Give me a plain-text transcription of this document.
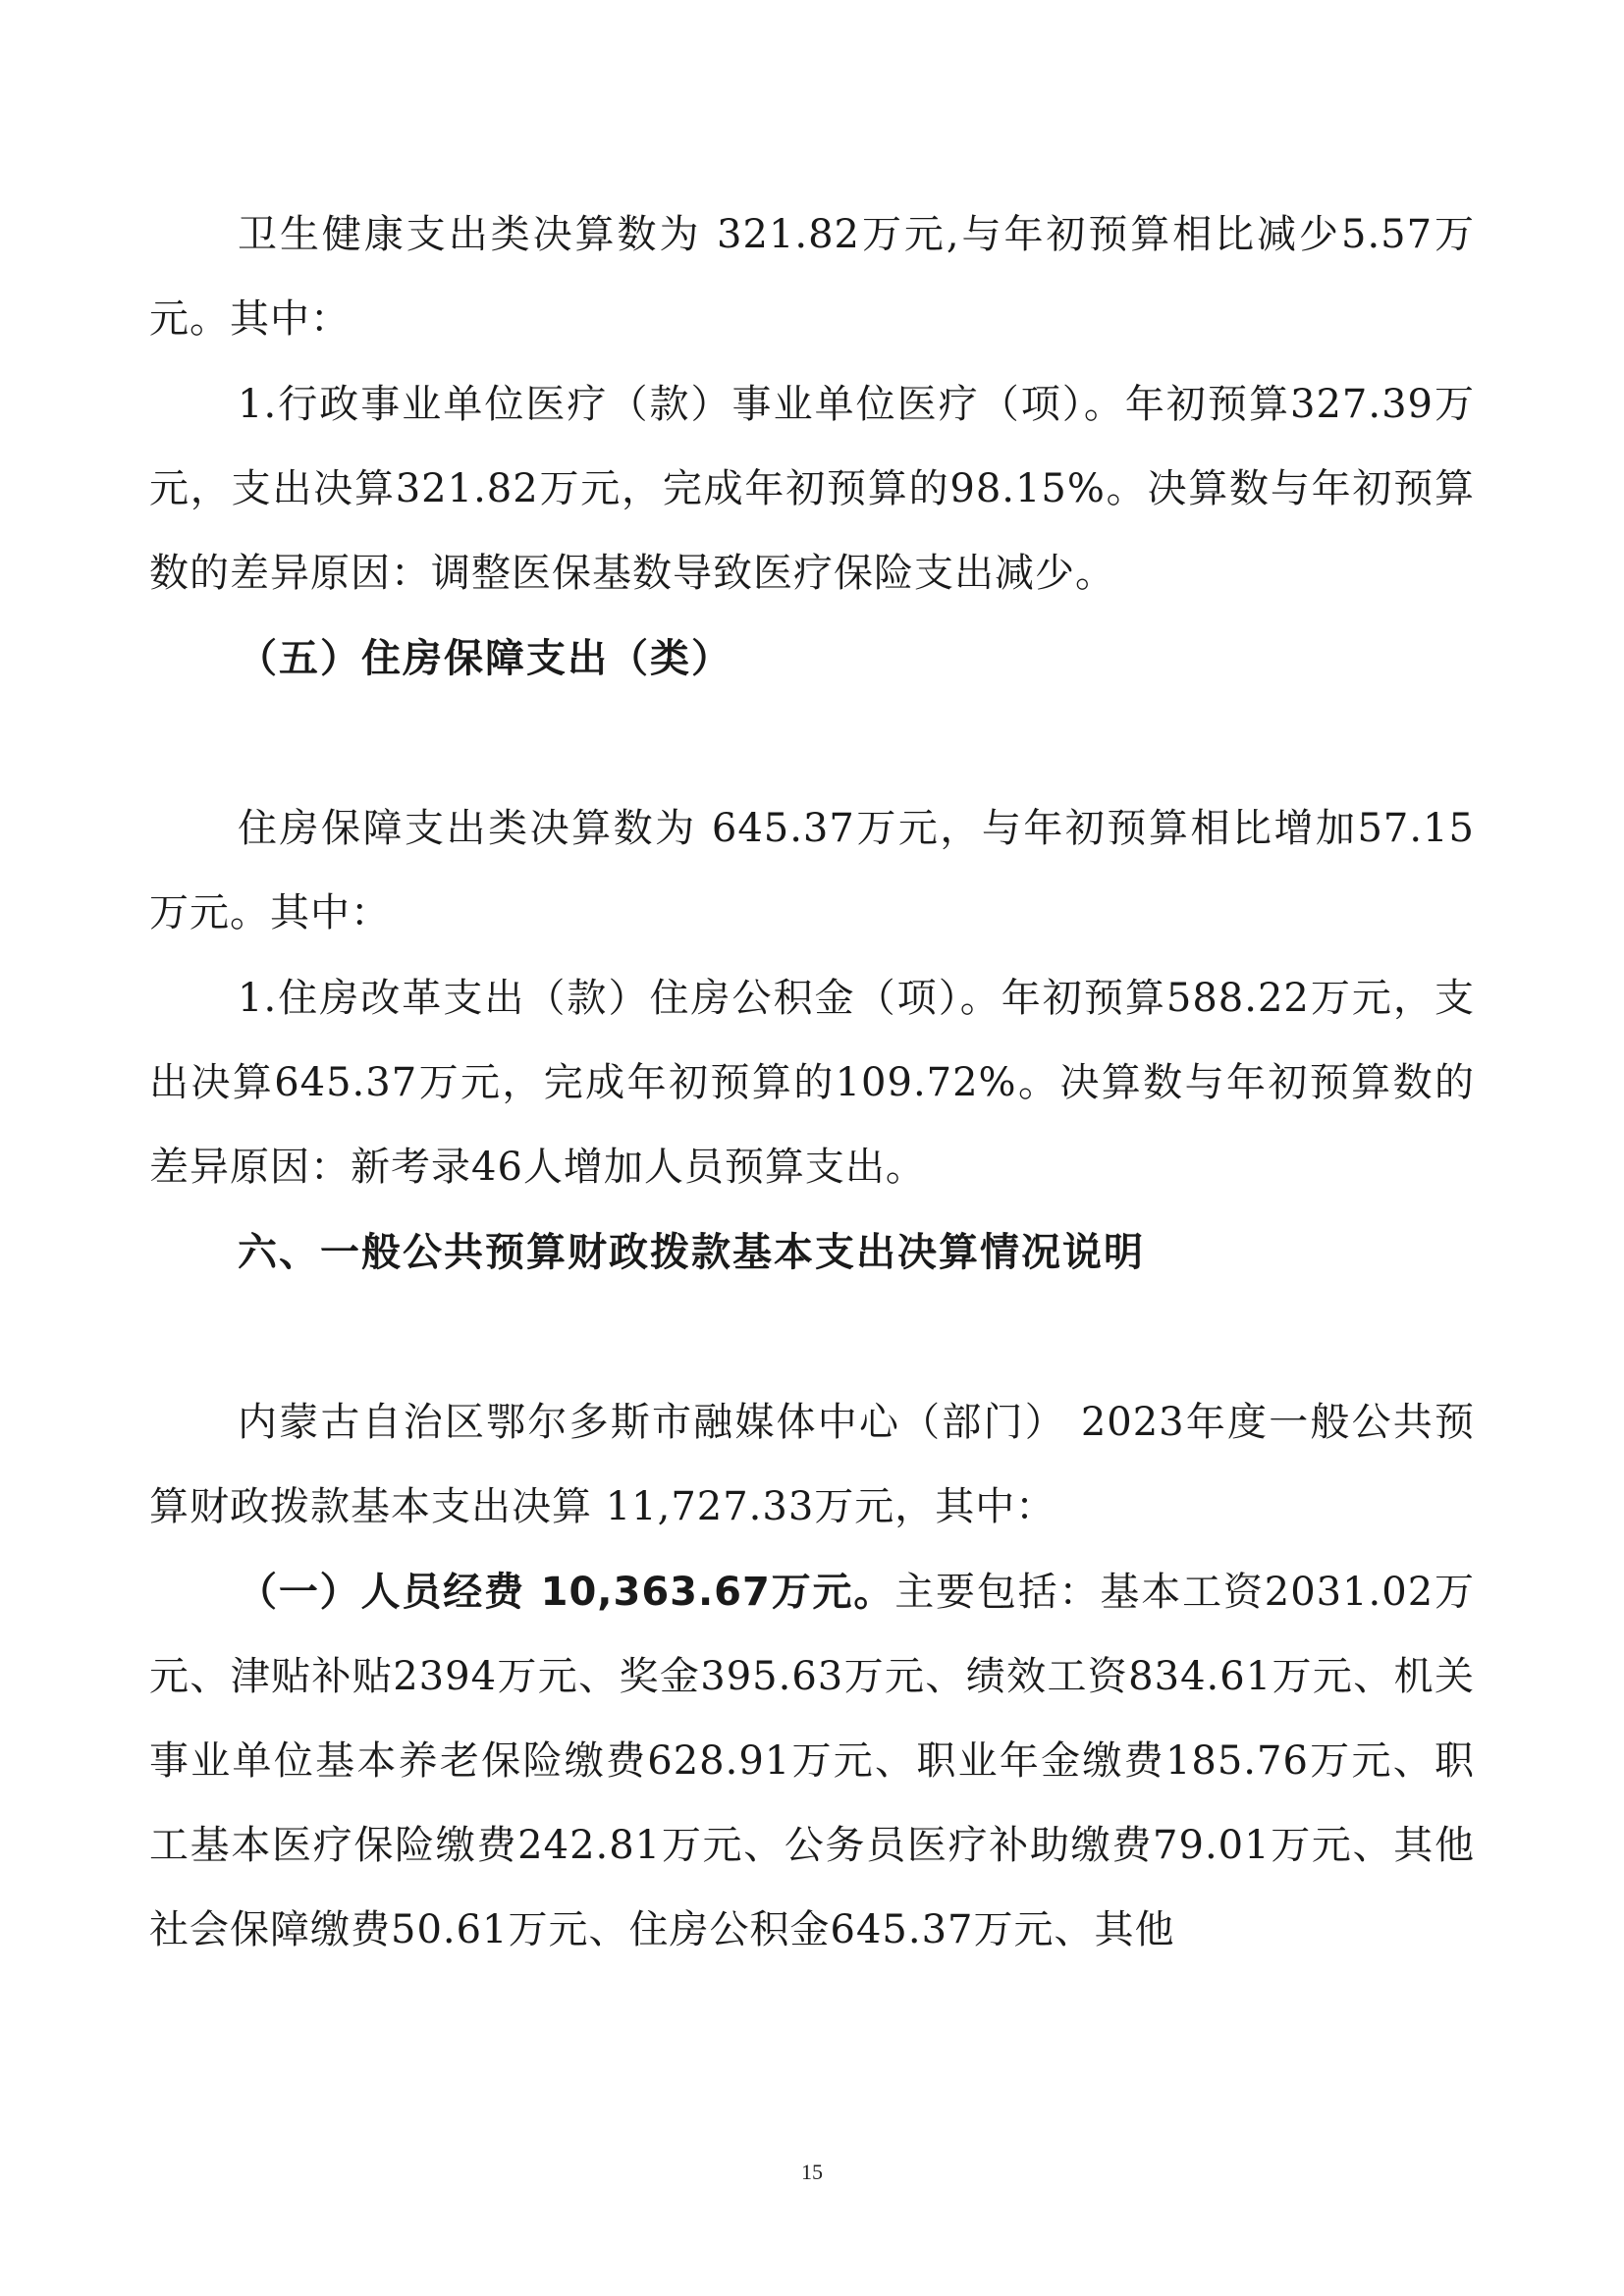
卫生健康支出类决算数为 321.82万元,与年初预算相比减少5.57万元。其中：
1.行政事业单位医疗（款）事业单位医疗（项）。年初预算327.39万元，支出决算321.82万元，完成年初预算的98.15%。决算数与年初预算数的差异原因：调整医保基数导致医疗保险支出减少。
（五）住房保障支出（类）
住房保障支出类决算数为 645.37万元，与年初预算相比增加57.15万元。其中：
1.住房改革支出（款）住房公积金（项）。年初预算588.22万元，支出决算645.37万元，完成年初预算的109.72%。决算数与年初预算数的差异原因：新考录46人增加人员预算支出。
六、一般公共预算财政拨款基本支出决算情况说明
内蒙古自治区鄂尔多斯市融媒体中心（部门） 2023年度一般公共预算财政拨款基本支出决算 11,727.33万元，其中：
（一）人员经费 10,363.67万元。主要包括：基本工资2031.02万元、津贴补贴2394万元、奖金395.63万元、绩效工资834.61万元、机关事业单位基本养老保险缴费628.91万元、职业年金缴费185.76万元、职工基本医疗保险缴费242.81万元、公务员医疗补助缴费79.01万元、其他社会保障缴费50.61万元、住房公积金645.37万元、其他
15
